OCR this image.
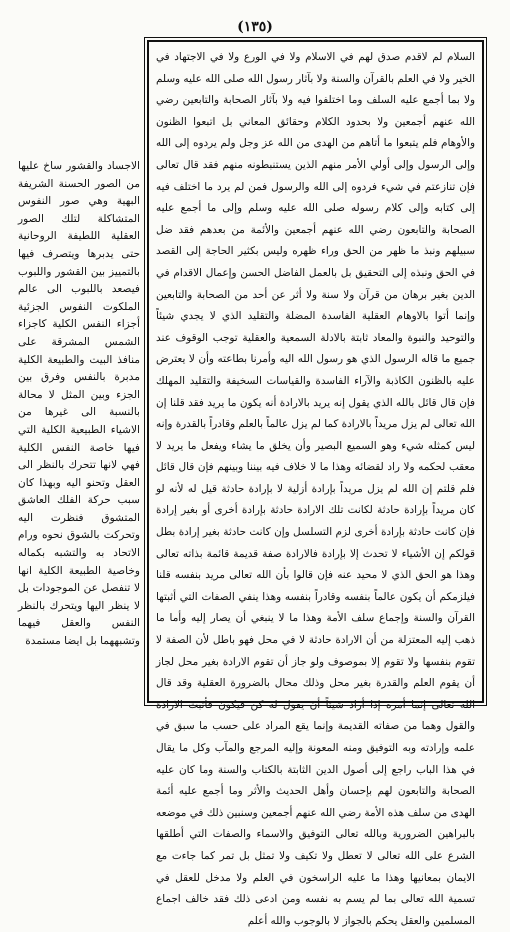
(١٣٥)

السلام لم لاقدم صدق لهم في الاسلام ولا في الورع ولا في الاجتهاد في الخير ولا في العلم بالقرآن والسنة ولا بآثار رسول الله صلى الله عليه وسلم ولا بما أجمع عليه السلف وما اختلفوا فيه ولا بآثار الصحابة والتابعين رضي الله عنهم أجمعين ولا بحدود الكلام وحقائق المعاني بل اتبعوا الظنون والأوهام فلم يتبعوا ما أتاهم من الهدى من الله عز وجل ولم يردوه إلى الله وإلى الرسول وإلى أولي الأمر منهم الذين يستنبطونه منهم فقد قال تعالى فإن تنازعتم في شيء فردوه إلى الله والرسول فمن لم يرد ما اختلف فيه إلى كتابه وإلى كلام رسوله صلى الله عليه وسلم وإلى ما أجمع عليه الصحابة والتابعون رضي الله عنهم أجمعين والأئمة من بعدهم فقد ضل سبيلهم ونبذ ما ظهر من الحق وراء ظهره وليس بكثير الحاجة إلى القصد في الحق ونبذه إلى التحقيق بل بالعمل الفاضل الحسن وإعمال الاقدام في الدين بغير برهان من قرآن ولا سنة ولا أثر عن أحد من الصحابة والتابعين وإنما أتوا بالاوهام العقلية الفاسدة المضلة والتقليد الذي لا يجدي شيئاً والتوحيد والنبوة والمعاد ثابتة بالادلة السمعية والعقلية توجب الوقوف عند جميع ما قاله الرسول الذي هو رسول الله اليه وأمرنا بطاعته وأن لا يعترض عليه بالظنون الكاذبة والآراء الفاسدة والقياسات السخيفة والتقليد المهلك فإن قال قائل بالله الذي يقول إنه يريد بالارادة أنه يكون ما يريد فقد قلنا إن الله تعالى لم يزل مريداً بالارادة كما لم يزل عالماً بالعلم وقادراً بالقدرة وإنه ليس كمثله شيء وهو السميع البصير وأن يخلق ما يشاء ويفعل ما يريد لا معقب لحكمه ولا راد لقضائه وهذا ما لا خلاف فيه بيننا وبينهم فإن قال قائل فلم قلتم إن الله لم يزل مريداً بإرادة أزلية لا بإرادة حادثة قيل له لأنه لو كان مريداً بإرادة حادثة لكانت تلك الارادة حادثة بإرادة أخرى أو بغير إرادة فإن كانت حادثة بإرادة أخرى لزم التسلسل وإن كانت حادثة بغير إرادة بطل قولكم إن الأشياء لا تحدث إلا بإرادة فالارادة صفة قديمة قائمة بذاته تعالى وهذا هو الحق الذي لا محيد عنه فإن قالوا بأن الله تعالى مريد بنفسه قلنا فيلزمكم أن يكون عالماً بنفسه وقادراً بنفسه وهذا ينفي الصفات التي أثبتها القرآن والسنة وإجماع سلف الأمة وهذا ما لا ينبغي أن يصار إليه وأما ما ذهب إليه المعتزلة من أن الارادة حادثة لا في محل فهو باطل لأن الصفة لا تقوم بنفسها ولا تقوم إلا بموصوف ولو جاز أن تقوم الارادة بغير محل لجاز أن يقوم العلم والقدرة بغير محل وذلك محال بالضرورة العقلية وقد قال الله تعالى إنما أمره إذا أراد شيئاً أن يقول له كن فيكون فأثبت الارادة والقول وهما من صفاته القديمة وإنما يقع المراد على حسب ما سبق في علمه وإرادته وبه التوفيق ومنه المعونة وإليه المرجع والمآب وكل ما يقال في هذا الباب راجع إلى أصول الدين الثابتة بالكتاب والسنة وما كان عليه الصحابة والتابعون لهم بإحسان وأهل الحديث والأثر وما أجمع عليه أئمة الهدى من سلف هذه الأمة رضي الله عنهم أجمعين وسنبين ذلك في موضعه بالبراهين الضرورية وبالله تعالى التوفيق والاسماء والصفات التي أطلقها الشرع على الله تعالى لا تعطل ولا تكيف ولا تمثل بل تمر كما جاءت مع الايمان بمعانيها وهذا ما عليه الراسخون في العلم ولا مدخل للعقل في تسمية الله تعالى بما لم يسم به نفسه ومن ادعى ذلك فقد خالف اجماع المسلمين والعقل يحكم بالجواز لا بالوجوب والله أعلم

الاجساد والقشور ساخ عليها من الصور الحسنة الشريفة البهية وهي صور النفوس المتشاكلة لتلك الصور العقلية اللطيفة الروحانية حتى يدبرها ويتصرف فيها بالتمييز بين القشور واللبوب فيصعد باللبوب الى عالم الملكوت النفوس الجزئية أجزاء النفس الكلية كاجزاء الشمس المشرقة على منافذ البيت والطبيعة الكلية مدبرة بالنفس وفرق بين الجزء وبين المثل لا محالة بالنسبة الى غيرها من الاشياء الطبيعية الكلية التي فيها خاصة النفس الكلية فهي لانها تتحرك بالنظر الى العقل وتحنو اليه وبهذا كان سبب حركة الفلك العاشق المتشوق فنظرت اليه وتحركت بالشوق نحوه ورام الاتحاد به والتشبه بكماله وخاصية الطبيعة الكلية انها لا تنفصل عن الموجودات بل لا ينظر اليها ويتحرك بالنظر النفس والعقل فيهما وتشبههما بل ايضا مستمدة
